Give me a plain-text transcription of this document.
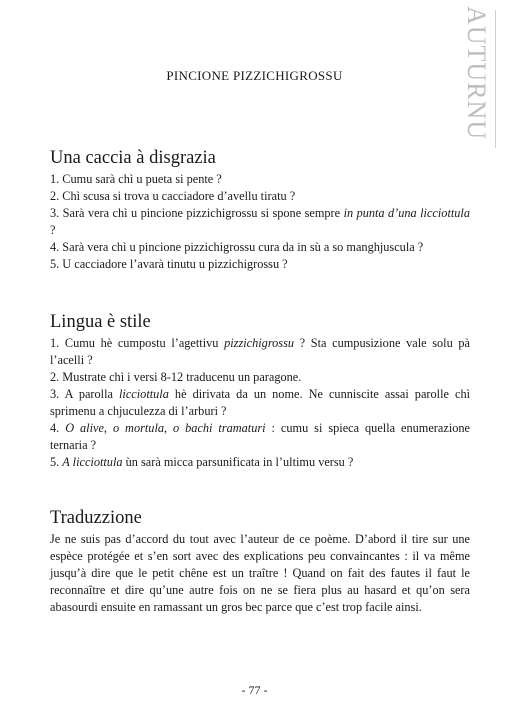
AUTURNU
PINCIONE PIZZICHIGROSSU
Una caccia à disgrazia

1. Cumu sarà chì u pueta si pente ?

2. Chì scusa si trova u cacciadore d’avellu tiratu ?

3. Sarà vera chì u pincione pizzichigrossu si spone sempre in punta d’una licciottula ?

4. Sarà vera chì u pincione pizzichigrossu cura da in sù a so manghjuscula ?

5. U cacciadore l’avarà tinutu u pizzichigrossu ?

Lingua è stile

1. Cumu hè cumpostu l’agettivu pizzichigrossu ? Sta cumpusizione vale solu pà l’acelli ?

2. Mustrate chì i versi 8-12 traducenu un paragone.

3. A parolla licciottula hè dirivata da un nome. Ne cunniscite assai parolle chì sprimenu a chjuculezza di l’arburi ?

4. O alive, o mortula, o bachi tramaturi : cumu si spieca quella enumerazione ternaria ?

5. A licciottula ùn sarà micca parsunificata in l’ultimu versu ?

Traduzzione

Je ne suis pas d’accord du tout avec l’auteur de ce poème. D’abord il tire sur une espèce protégée et s’en sort avec des explications peu convaincantes : il va même jusqu’à dire que le petit chêne est un traître ! Quand on fait des fautes il faut le reconnaître et dire qu’une autre fois on ne se fiera plus au hasard et qu’on sera abasourdi ensuite en ramassant un gros bec parce que c’est trop facile ainsi.

- 77 -
